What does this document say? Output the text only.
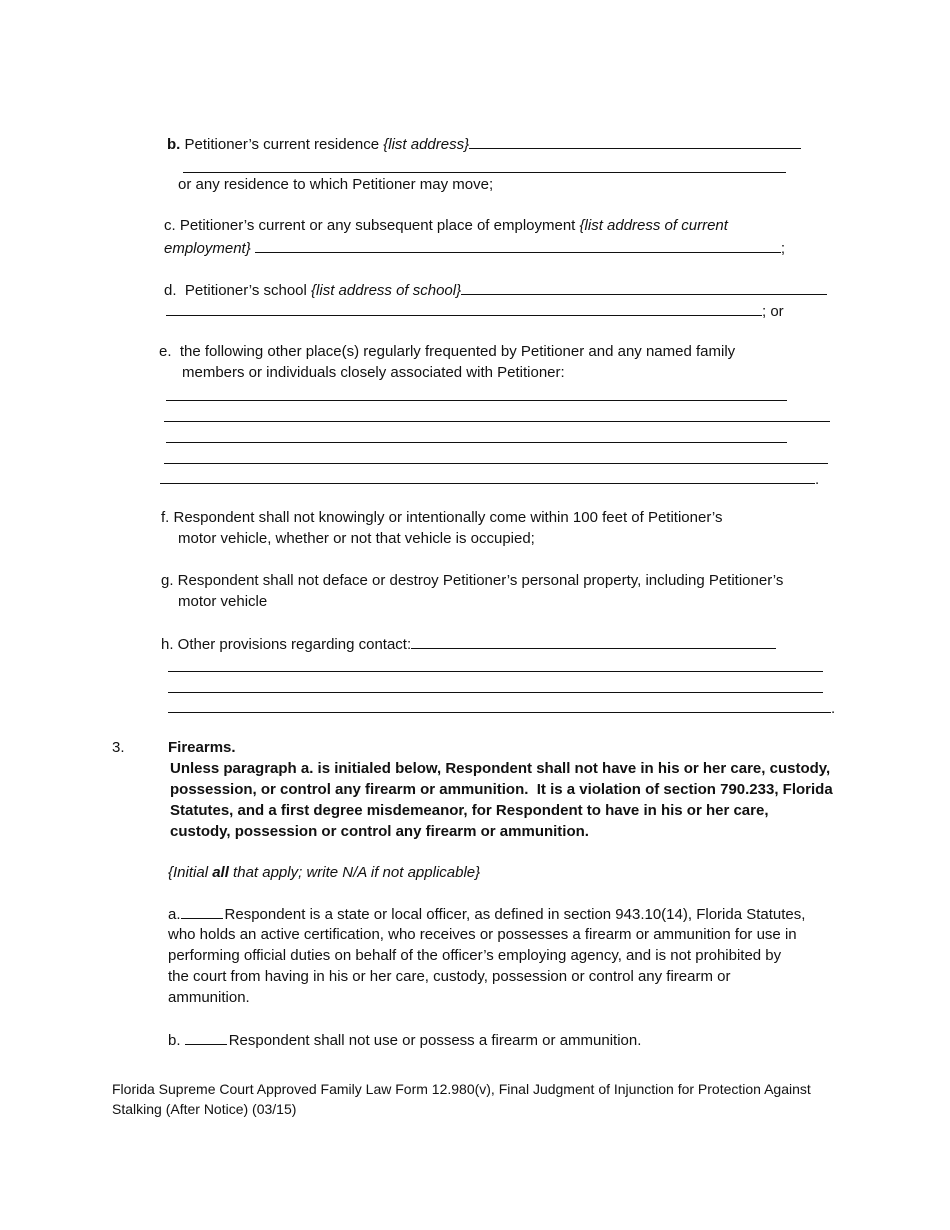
b. Petitioner’s current residence {list address}
or any residence to which Petitioner may move;
c. Petitioner’s current or any subsequent place of employment {list address of current
employment}	;
d.  Petitioner’s school {list address of school}
; or
e.  the following other place(s) regularly frequented by Petitioner and any named family
members or individuals closely associated with Petitioner:
.
f. Respondent shall not knowingly or intentionally come within 100 feet of Petitioner’s
motor vehicle, whether or not that vehicle is occupied;
g. Respondent shall not deface or destroy Petitioner’s personal property, including Petitioner’s
motor vehicle
h. Other provisions regarding contact:
.
3.	Firearms.
Unless paragraph a. is initialed below, Respondent shall not have in his or her care, custody,
possession, or control any firearm or ammunition.  It is a violation of section 790.233, Florida
Statutes, and a first degree misdemeanor, for Respondent to have in his or her care,
custody, possession or control any firearm or ammunition.
{Initial all that apply; write N/A if not applicable}
a.	Respondent is a state or local officer, as defined in section 943.10(14), Florida Statutes,
who holds an active certification, who receives or possesses a firearm or ammunition for use in
performing official duties on behalf of the officer’s employing agency, and is not prohibited by
the court from having in his or her care, custody, possession or control any firearm or
ammunition.
b.	Respondent shall not use or possess a firearm or ammunition.
Florida Supreme Court Approved Family Law Form 12.980(v), Final Judgment of Injunction for Protection Against
Stalking (After Notice) (03/15)
